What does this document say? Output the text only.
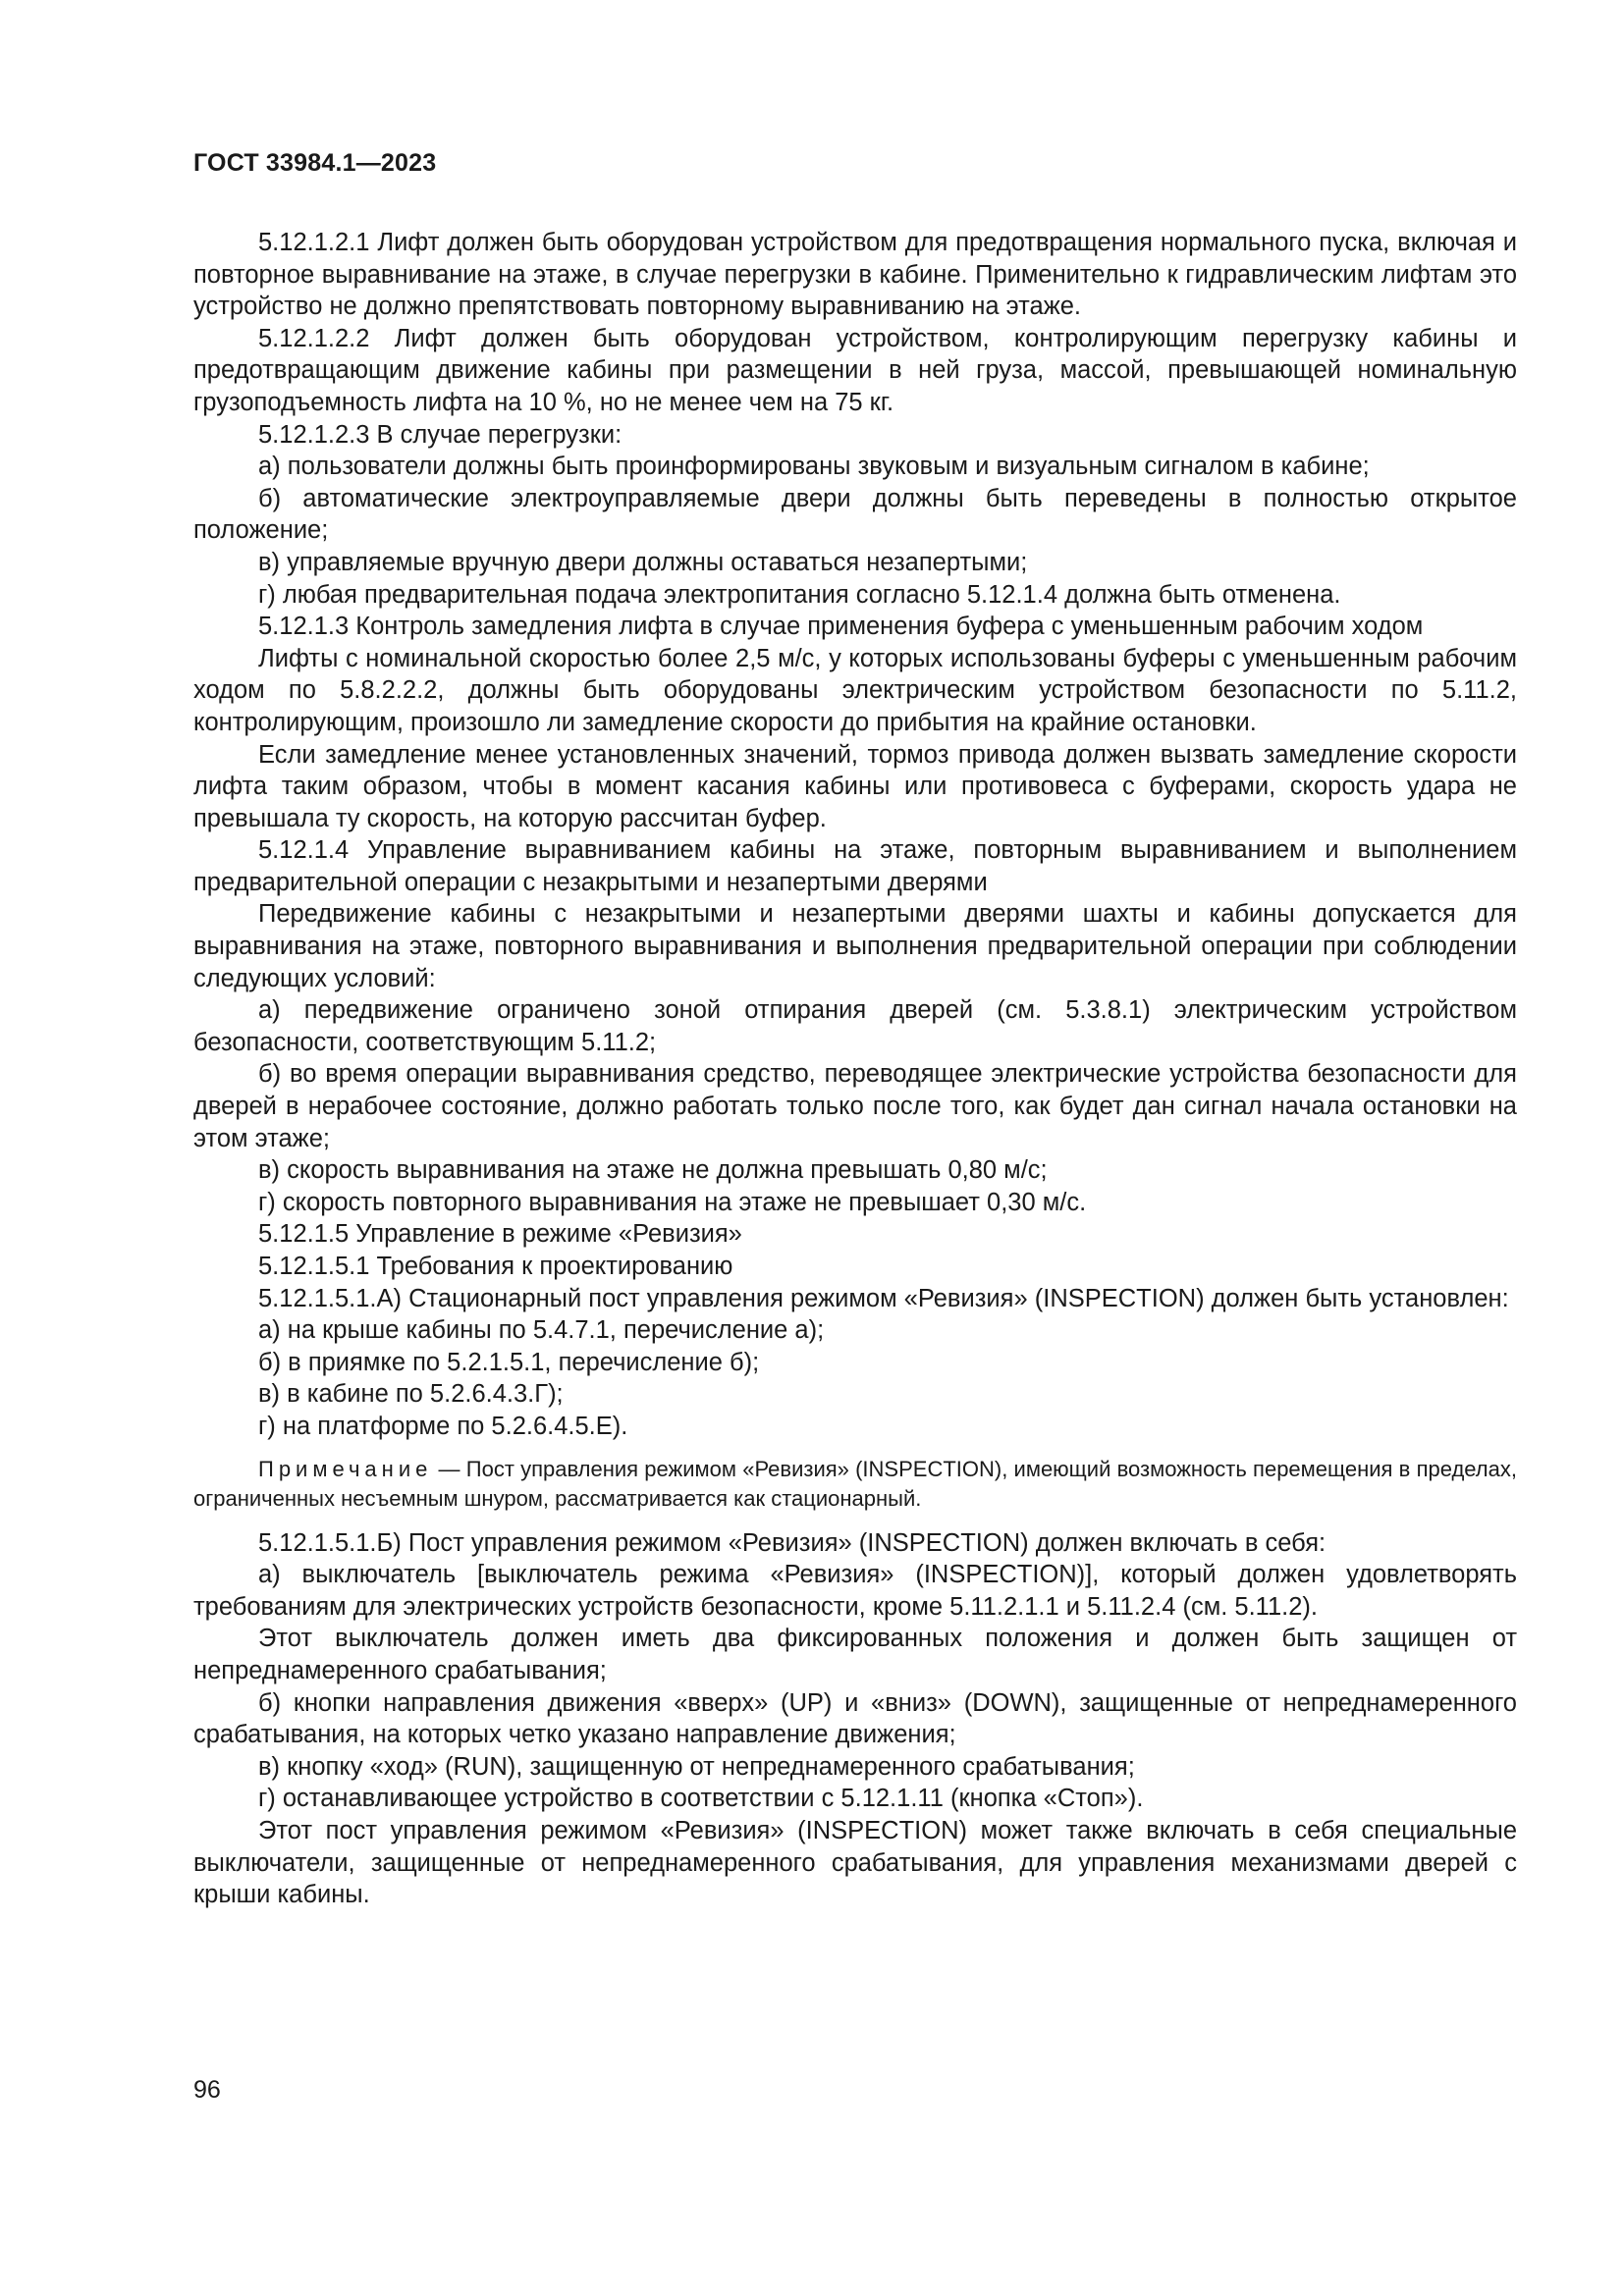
ГОСТ 33984.1—2023

5.12.1.2.1 Лифт должен быть оборудован устройством для предотвращения нормального пуска, включая и повторное выравнивание на этаже, в случае перегрузки в кабине. Применительно к гидравлическим лифтам это устройство не должно препятствовать повторному выравниванию на этаже.

5.12.1.2.2 Лифт должен быть оборудован устройством, контролирующим перегрузку кабины и предотвращающим движение кабины при размещении в ней груза, массой, превышающей номинальную грузоподъемность лифта на 10 %, но не менее чем на 75 кг.

5.12.1.2.3 В случае перегрузки:

а) пользователи должны быть проинформированы звуковым и визуальным сигналом в кабине;

б) автоматические электроуправляемые двери должны быть переведены в полностью открытое положение;

в) управляемые вручную двери должны оставаться незапертыми;

г) любая предварительная подача электропитания согласно 5.12.1.4 должна быть отменена.

5.12.1.3 Контроль замедления лифта в случае применения буфера с уменьшенным рабочим ходом

Лифты с номинальной скоростью более 2,5 м/с, у которых использованы буферы с уменьшенным рабочим ходом по 5.8.2.2.2, должны быть оборудованы электрическим устройством безопасности по 5.11.2, контролирующим, произошло ли замедление скорости до прибытия на крайние остановки.

Если замедление менее установленных значений, тормоз привода должен вызвать замедление скорости лифта таким образом, чтобы в момент касания кабины или противовеса с буферами, скорость удара не превышала ту скорость, на которую рассчитан буфер.

5.12.1.4 Управление выравниванием кабины на этаже, повторным выравниванием и выполнением предварительной операции с незакрытыми и незапертыми дверями

Передвижение кабины с незакрытыми и незапертыми дверями шахты и кабины допускается для выравнивания на этаже, повторного выравнивания и выполнения предварительной операции при соблюдении следующих условий:

а) передвижение ограничено зоной отпирания дверей (см. 5.3.8.1) электрическим устройством безопасности, соответствующим 5.11.2;

б) во время операции выравнивания средство, переводящее электрические устройства безопасности для дверей в нерабочее состояние, должно работать только после того, как будет дан сигнал начала остановки на этом этаже;

в) скорость выравнивания на этаже не должна превышать 0,80 м/с;

г) скорость повторного выравнивания на этаже не превышает 0,30 м/с.

5.12.1.5 Управление в режиме «Ревизия»

5.12.1.5.1 Требования к проектированию

5.12.1.5.1.А) Стационарный пост управления режимом «Ревизия» (INSPECTION) должен быть установлен:

а) на крыше кабины по 5.4.7.1, перечисление а);

б) в приямке по 5.2.1.5.1, перечисление б);

в) в кабине по 5.2.6.4.3.Г);

г) на платформе по 5.2.6.4.5.Е).

Примечание — Пост управления режимом «Ревизия» (INSPECTION), имеющий возможность перемещения в пределах, ограниченных несъемным шнуром, рассматривается как стационарный.

5.12.1.5.1.Б) Пост управления режимом «Ревизия» (INSPECTION) должен включать в себя:

а) выключатель [выключатель режима «Ревизия» (INSPECTION)], который должен удовлетворять требованиям для электрических устройств безопасности, кроме 5.11.2.1.1 и 5.11.2.4 (см. 5.11.2).

Этот выключатель должен иметь два фиксированных положения и должен быть защищен от непреднамеренного срабатывания;

б) кнопки направления движения «вверх» (UP) и «вниз» (DOWN), защищенные от непреднамеренного срабатывания, на которых четко указано направление движения;

в) кнопку «ход» (RUN), защищенную от непреднамеренного срабатывания;

г) останавливающее устройство в соответствии с 5.12.1.11 (кнопка «Стоп»).

Этот пост управления режимом «Ревизия» (INSPECTION) может также включать в себя специальные выключатели, защищенные от непреднамеренного срабатывания, для управления механизмами дверей с крыши кабины.

96
